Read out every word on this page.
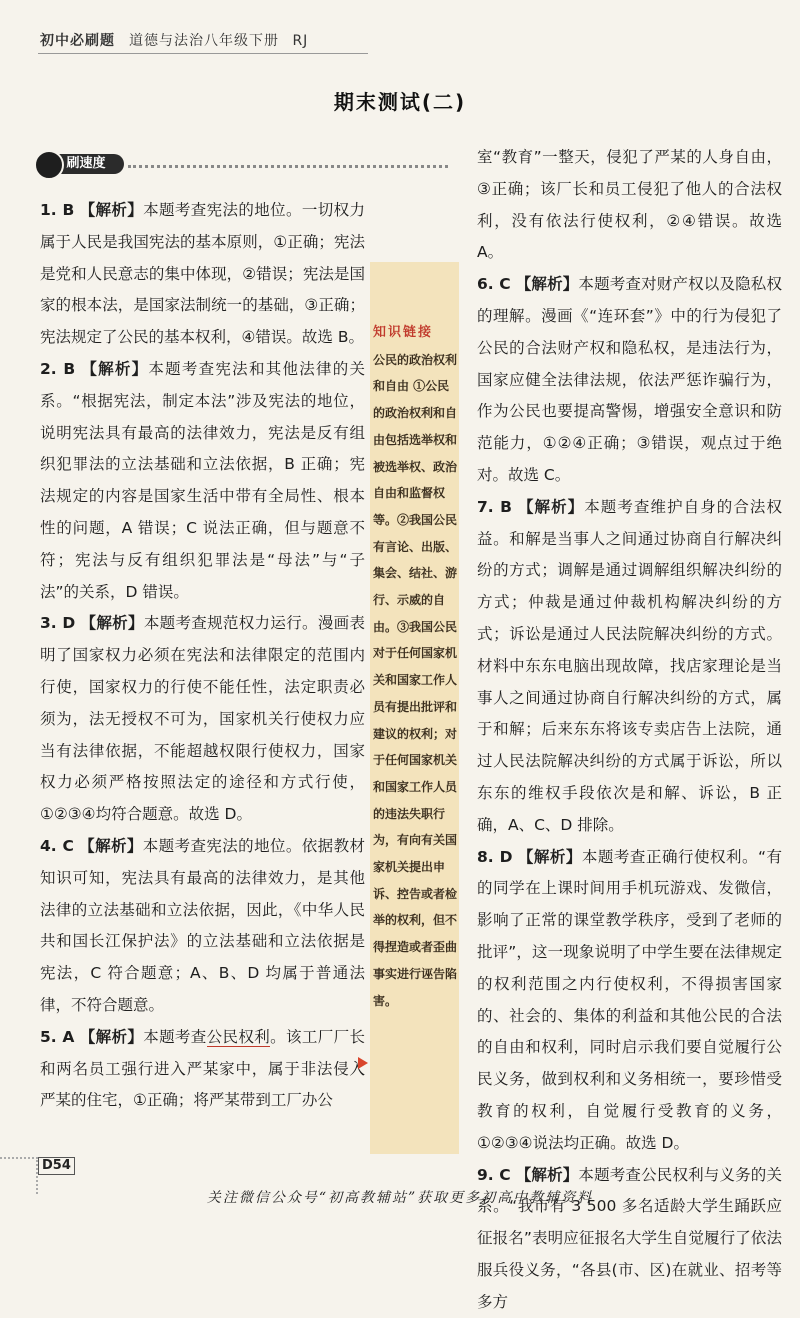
初中必刷题 道德与法治八年级下册 RJ
期末测试(二)
刷速度

1. B 【解析】本题考查宪法的地位。一切权力属于人民是我国宪法的基本原则，①正确；宪法是党和人民意志的集中体现，②错误；宪法是国家的根本法，是国家法制统一的基础，③正确；宪法规定了公民的基本权利，④错误。故选 B。

2. B 【解析】本题考查宪法和其他法律的关系。“根据宪法，制定本法”涉及宪法的地位，说明宪法具有最高的法律效力，宪法是反有组织犯罪法的立法基础和立法依据，B 正确；宪法规定的内容是国家生活中带有全局性、根本性的问题，A 错误；C 说法正确，但与题意不符；宪法与反有组织犯罪法是“母法”与“子法”的关系，D 错误。

3. D 【解析】本题考查规范权力运行。漫画表明了国家权力必须在宪法和法律限定的范围内行使，国家权力的行使不能任性，法定职责必须为，法无授权不可为，国家机关行使权力应当有法律依据，不能超越权限行使权力，国家权力必须严格按照法定的途径和方式行使，①②③④均符合题意。故选 D。

4. C 【解析】本题考查宪法的地位。依据教材知识可知，宪法具有最高的法律效力，是其他法律的立法基础和立法依据，因此，《中华人民共和国长江保护法》的立法基础和立法依据是宪法，C 符合题意；A、B、D 均属于普通法律，不符合题意。

5. A 【解析】本题考查公民权利。该工厂厂长和两名员工强行进入严某家中，属于非法侵入严某的住宅，①正确；将严某带到工厂办公

知识链接
公民的政治权利和自由 ①公民的政治权利和自由包括选举权和被选举权、政治自由和监督权等。②我国公民有言论、出版、集会、结社、游行、示威的自由。③我国公民对于任何国家机关和国家工作人员有提出批评和建议的权利；对于任何国家机关和国家工作人员的违法失职行为，有向有关国家机关提出申诉、控告或者检举的权利，但不得捏造或者歪曲事实进行诬告陷害。

室“教育”一整天，侵犯了严某的人身自由，③正确；该厂长和员工侵犯了他人的合法权利，没有依法行使权利，②④错误。故选 A。

6. C 【解析】本题考查对财产权以及隐私权的理解。漫画《“连环套”》中的行为侵犯了公民的合法财产权和隐私权，是违法行为，国家应健全法律法规，依法严惩诈骗行为，作为公民也要提高警惕，增强安全意识和防范能力，①②④正确；③错误，观点过于绝对。故选 C。

7. B 【解析】本题考查维护自身的合法权益。和解是当事人之间通过协商自行解决纠纷的方式；调解是通过调解组织解决纠纷的方式；仲裁是通过仲裁机构解决纠纷的方式；诉讼是通过人民法院解决纠纷的方式。材料中东东电脑出现故障，找店家理论是当事人之间通过协商自行解决纠纷的方式，属于和解；后来东东将该专卖店告上法院，通过人民法院解决纠纷的方式属于诉讼，所以东东的维权手段依次是和解、诉讼，B 正确，A、C、D 排除。

8. D 【解析】本题考查正确行使权利。“有的同学在上课时间用手机玩游戏、发微信，影响了正常的课堂教学秩序，受到了老师的批评”，这一现象说明了中学生要在法律规定的权利范围之内行使权利，不得损害国家的、社会的、集体的利益和其他公民的合法的自由和权利，同时启示我们要自觉履行公民义务，做到权利和义务相统一，要珍惜受教育的权利，自觉履行受教育的义务，①②③④说法均正确。故选 D。

9. C 【解析】本题考查公民权利与义务的关系。“我市有 3 500 多名适龄大学生踊跃应征报名”表明应征报名大学生自觉履行了依法服兵役义务，“各县(市、区)在就业、招考等多方

D54
关注微信公众号“初高教辅站”获取更多初高中教辅资料
